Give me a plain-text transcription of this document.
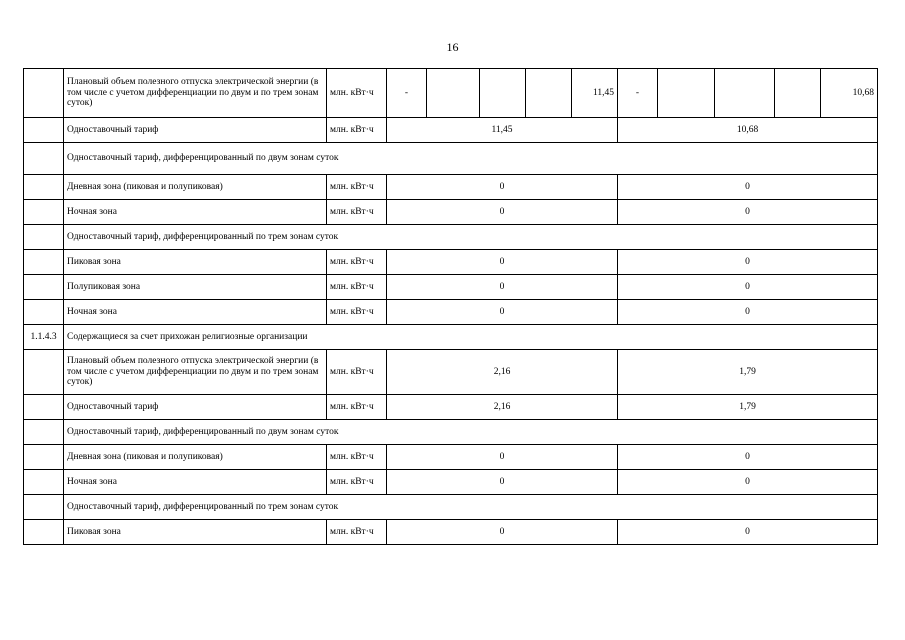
16
	Плановый объем полезного отпуска электрической энергии (в том числе с учетом дифференциации по двум и по трем зонам суток)	млн. кВт·ч	-				11,45	-				10,68
	Одноставочный тариф	млн. кВт·ч	11,45					10,68				
	Одноставочный тариф, дифференцированный по двум зонам суток											
	Дневная зона (пиковая и полупиковая)	млн. кВт·ч	0					0				
	Ночная зона	млн. кВт·ч	0					0				
	Одноставочный тариф, дифференцированный по трем зонам суток											
	Пиковая зона	млн. кВт·ч	0					0				
	Полупиковая зона	млн. кВт·ч	0					0				
	Ночная зона	млн. кВт·ч	0					0				
1.1.4.3	Содержащиеся за счет прихожан религиозные организации											
	Плановый объем полезного отпуска электрической энергии (в том числе с учетом дифференциации по двум и по трем зонам суток)	млн. кВт·ч	2,16					1,79				
	Одноставочный тариф	млн. кВт·ч	2,16					1,79				
	Одноставочный тариф, дифференцированный по двум зонам суток											
	Дневная зона (пиковая и полупиковая)	млн. кВт·ч	0					0				
	Ночная зона	млн. кВт·ч	0					0				
	Одноставочный тариф, дифференцированный по трем зонам суток											
	Пиковая зона	млн. кВт·ч	0					0				
